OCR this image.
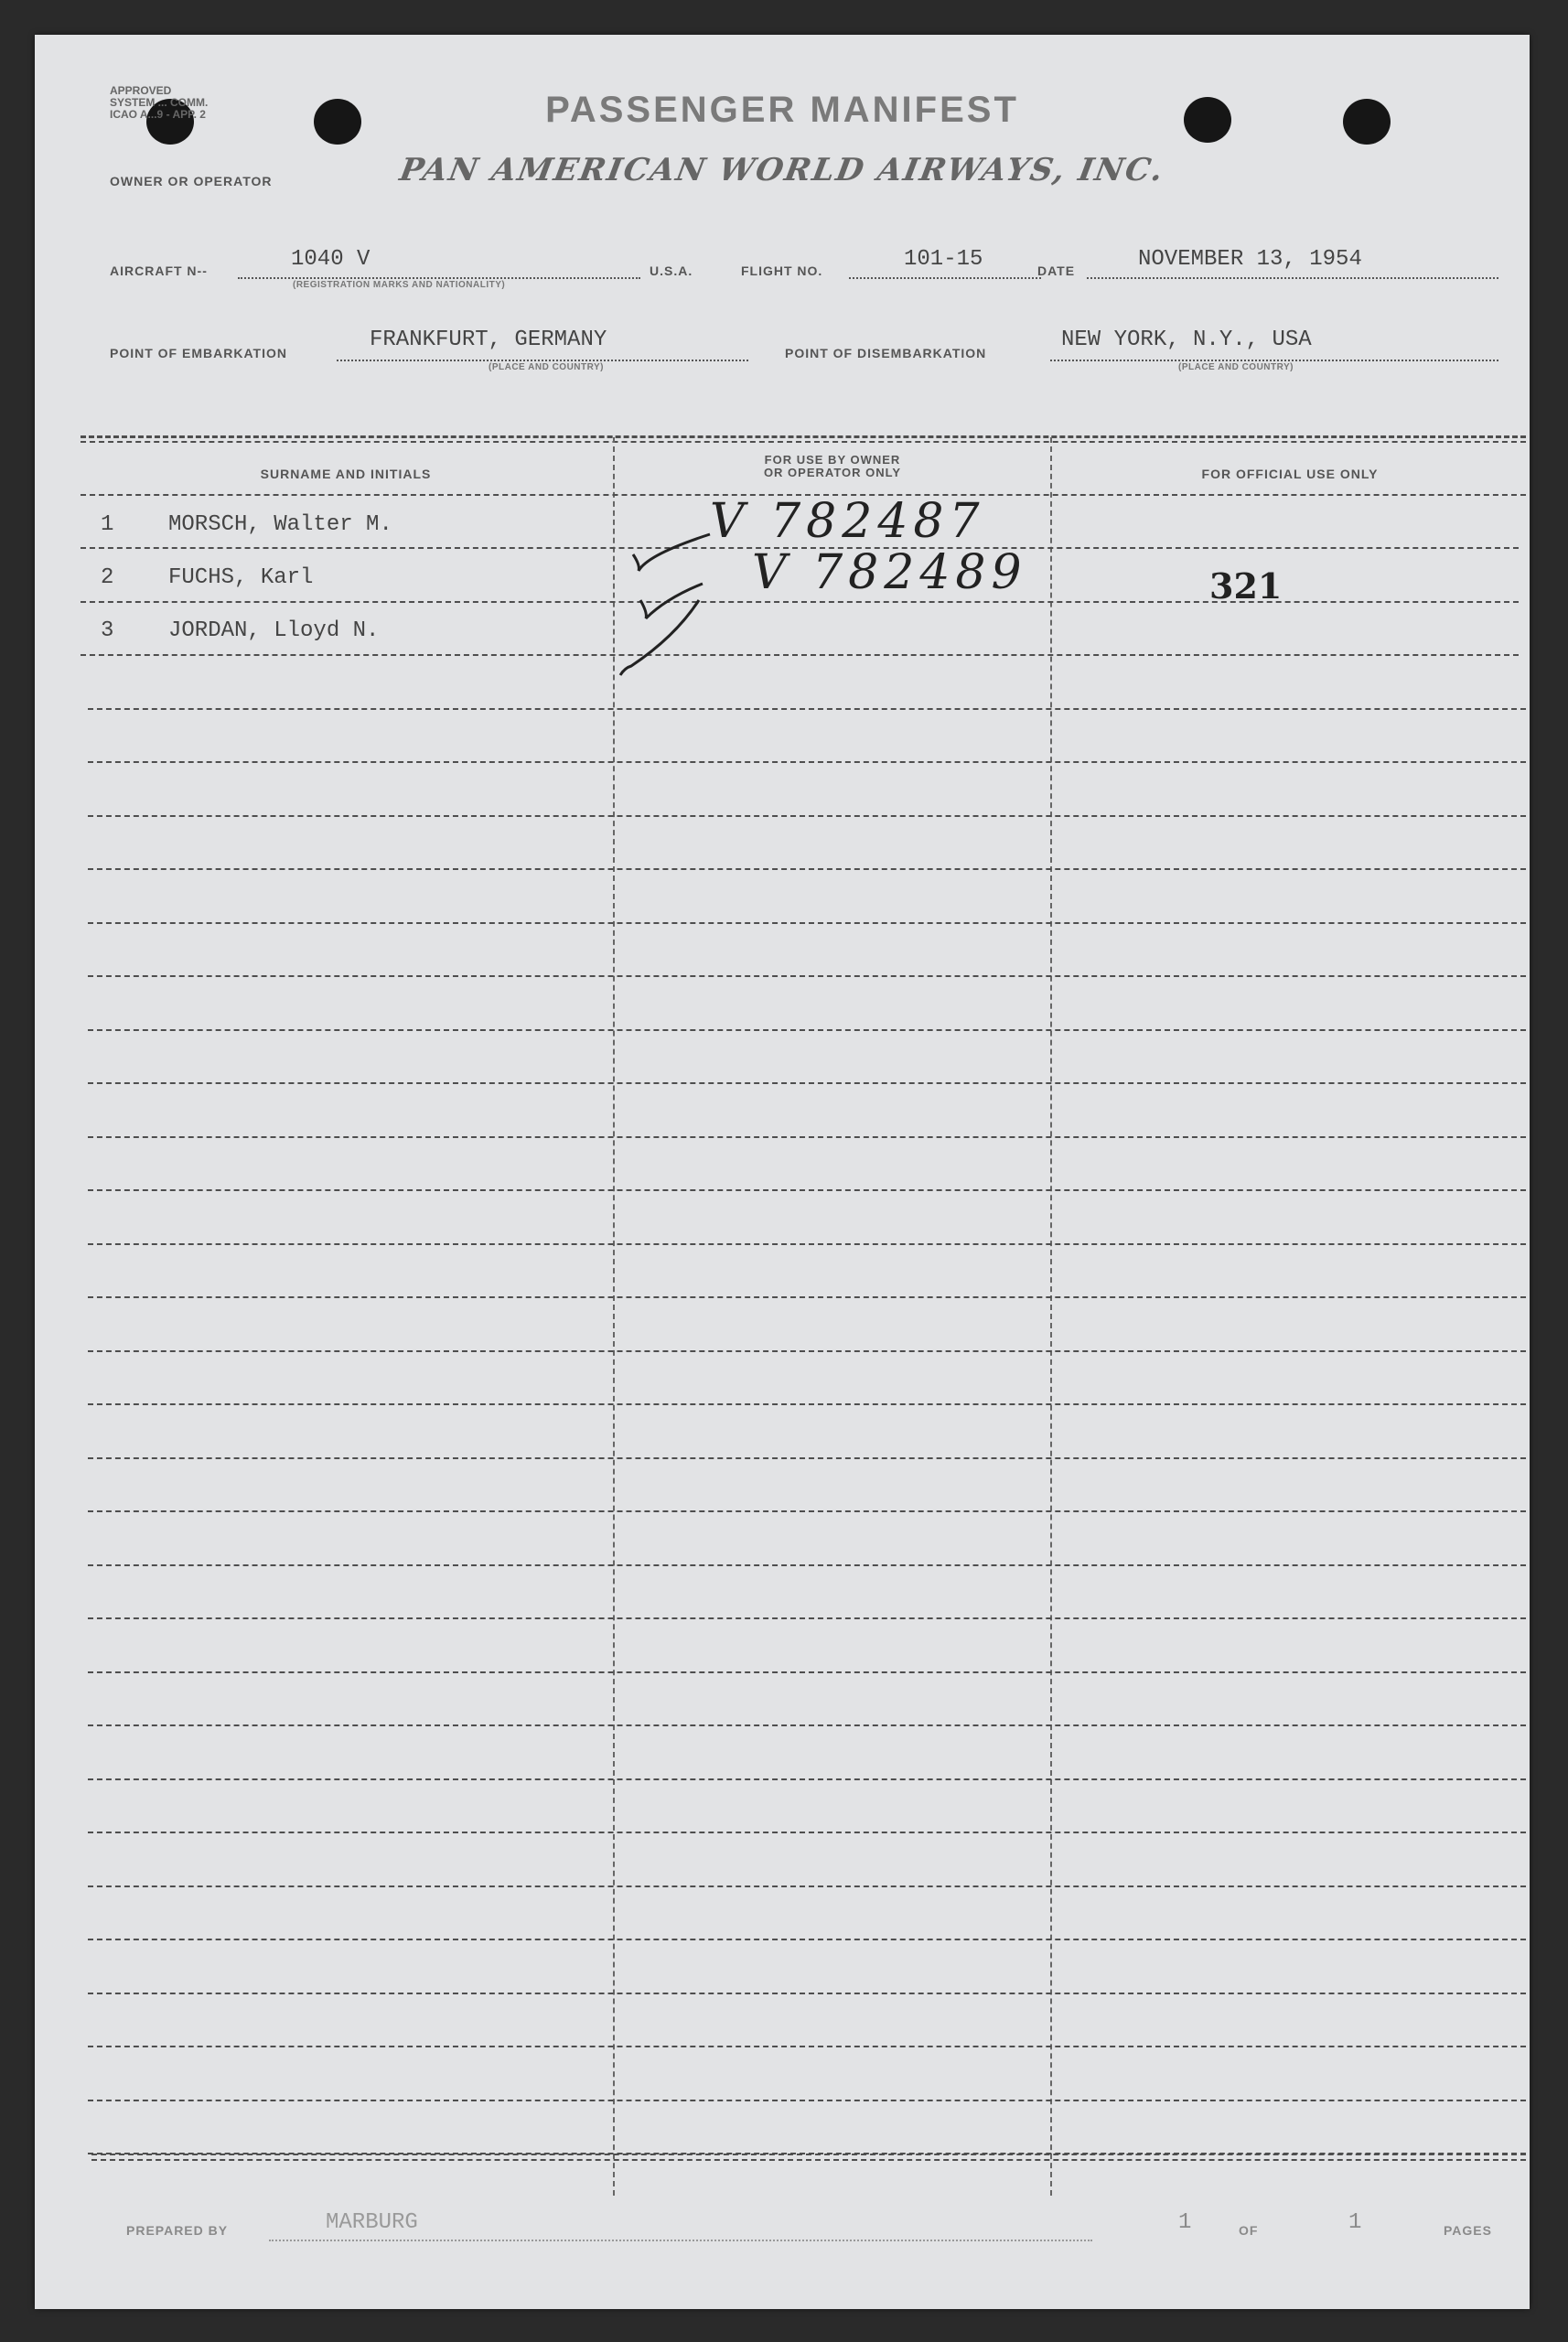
APPROVED
SYSTEM ... COMM.
ICAO A...9 - APP. 2	PASSENGER MANIFEST
OWNER OR OPERATOR	PAN AMERICAN WORLD AIRWAYS, INC.
AIRCRAFT N--	1040 V
(REGISTRATION MARKS AND NATIONALITY)
U.S.A.	FLIGHT NO.	101-15	DATE	NOVEMBER 13, 1954
POINT OF EMBARKATION
FRANKFURT, GERMANY
(PLACE AND COUNTRY)
POINT OF DISEMBARKATION
NEW YORK, N.Y., USA
(PLACE AND COUNTRY)
SURNAME AND INITIALS
FOR USE BY OWNER
OR OPERATOR ONLY	FOR OFFICIAL USE ONLY
1 MORSCH, Walter M.	V 782487
2 FUCHS, Karl	V 782489	321
3 JORDAN, Lloyd N.
PREPARED BY	MARBURG	1	OF	1	PAGES
